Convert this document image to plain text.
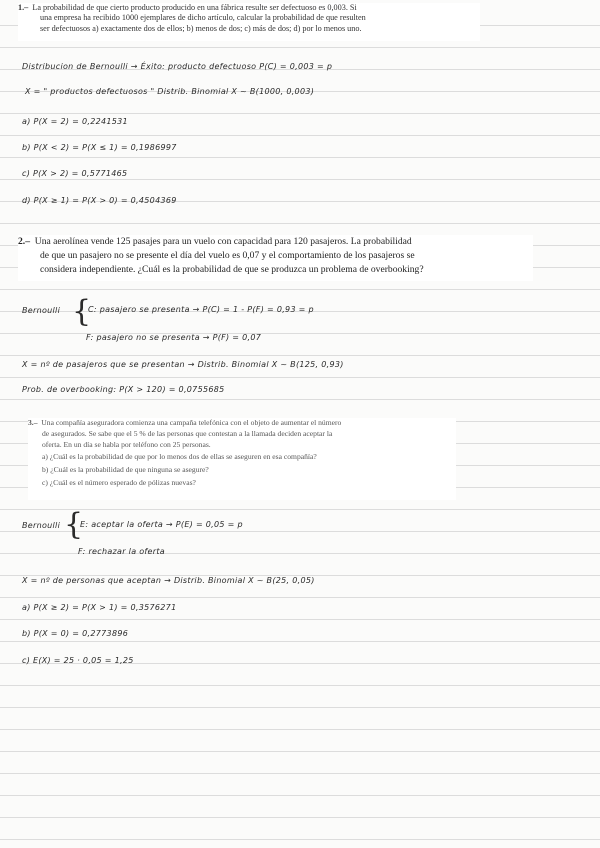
1.– La probabilidad de que cierto producto producido en una fábrica resulte ser defectuoso es 0,003. Si
una empresa ha recibido 1000 ejemplares de dicho artículo, calcular la probabilidad de que resulten
ser defectuosos a) exactamente dos de ellos; b) menos de dos; c) más de dos; d) por lo menos uno.
Distribucion de Bernoulli → Éxito: producto defectuoso P(C) = 0,003 = p
X = " productos defectuosos " Distrib. Binomial X ~ B(1000, 0,003)
a) P(X = 2) = 0,2241531
b) P(X < 2) = P(X ≤ 1) = 0,1986997
c) P(X > 2) = 0,5771465
d) P(X ≥ 1) = P(X > 0) = 0,4504369
2.– Una aerolínea vende 125 pasajes para un vuelo con capacidad para 120 pasajeros. La probabilidad
de que un pasajero no se presente el día del vuelo es 0,07 y el comportamiento de los pasajeros se
considera independiente. ¿Cuál es la probabilidad de que se produzca un problema de overbooking?
Bernoulli {
C: pasajero se presenta → P(C) = 1 - P(F) = 0,93 = p
F: pasajero no se presenta → P(F) = 0,07
X = nº de pasajeros que se presentan → Distrib. Binomial X ~ B(125, 0,93)
Prob. de overbooking: P(X > 120) = 0,0755685
3.– Una compañía aseguradora comienza una campaña telefónica con el objeto de aumentar el número
de asegurados. Se sabe que el 5 % de las personas que contestan a la llamada deciden aceptar la
oferta. En un día se habla por teléfono con 25 personas.
a) ¿Cuál es la probabilidad de que por lo menos dos de ellas se aseguren en esa compañía?
b) ¿Cuál es la probabilidad de que ninguna se asegure?
c) ¿Cuál es el número esperado de pólizas nuevas?
Bernoulli {
E: aceptar la oferta → P(E) = 0,05 = p
F: rechazar la oferta
X = nº de personas que aceptan → Distrib. Binomial X ~ B(25, 0,05)
a) P(X ≥ 2) = P(X > 1) = 0,3576271
b) P(X = 0) = 0,2773896
c) E(X) = 25 · 0,05 = 1,25
